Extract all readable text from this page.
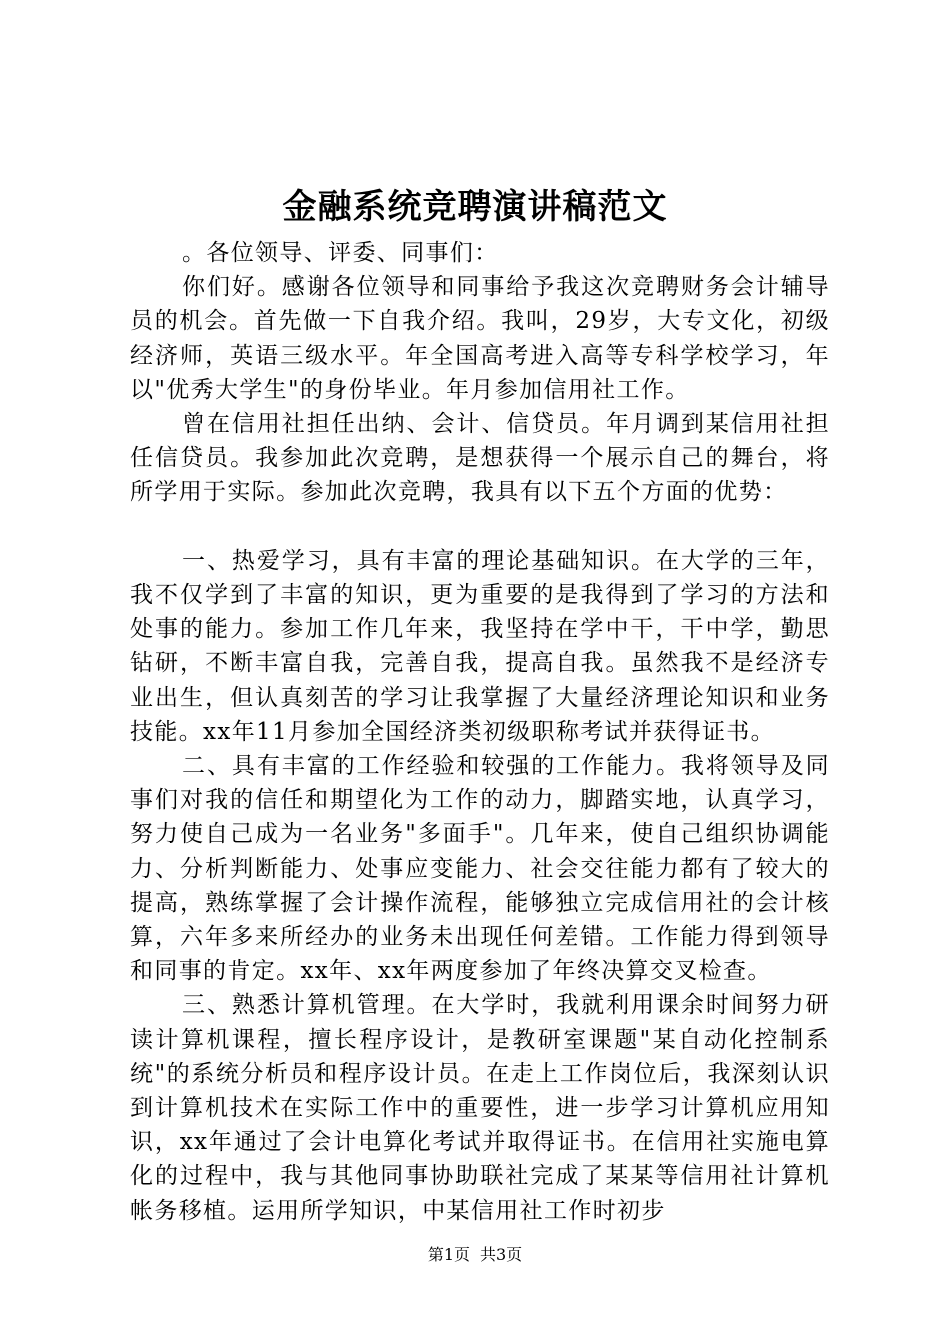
金融系统竞聘演讲稿范文

。各位领导、评委、同事们：

你们好。感谢各位领导和同事给予我这次竞聘财务会计辅导员的机会。首先做一下自我介绍。我叫，29岁，大专文化，初级经济师，英语三级水平。年全国高考进入高等专科学校学习，年以"优秀大学生"的身份毕业。年月参加信用社工作。

曾在信用社担任出纳、会计、信贷员。年月调到某信用社担任信贷员。我参加此次竞聘，是想获得一个展示自己的舞台，将所学用于实际。参加此次竞聘，我具有以下五个方面的优势：

一、热爱学习，具有丰富的理论基础知识。在大学的三年，我不仅学到了丰富的知识，更为重要的是我得到了学习的方法和处事的能力。参加工作几年来，我坚持在学中干，干中学，勤思钻研，不断丰富自我，完善自我，提高自我。虽然我不是经济专业出生，但认真刻苦的学习让我掌握了大量经济理论知识和业务技能。xx年11月参加全国经济类初级职称考试并获得证书。

二、具有丰富的工作经验和较强的工作能力。我将领导及同事们对我的信任和期望化为工作的动力，脚踏实地，认真学习，努力使自己成为一名业务"多面手"。几年来，使自己组织协调能力、分析判断能力、处事应变能力、社会交往能力都有了较大的提高，熟练掌握了会计操作流程，能够独立完成信用社的会计核算，六年多来所经办的业务未出现任何差错。工作能力得到领导和同事的肯定。xx年、xx年两度参加了年终决算交叉检查。

三、熟悉计算机管理。在大学时，我就利用课余时间努力研读计算机课程，擅长程序设计，是教研室课题"某自动化控制系统"的系统分析员和程序设计员。在走上工作岗位后，我深刻认识到计算机技术在实际工作中的重要性，进一步学习计算机应用知识，xx年通过了会计电算化考试并取得证书。在信用社实施电算化的过程中，我与其他同事协助联社完成了某某等信用社计算机帐务移植。运用所学知识，中某信用社工作时初步

第1页 共3页
